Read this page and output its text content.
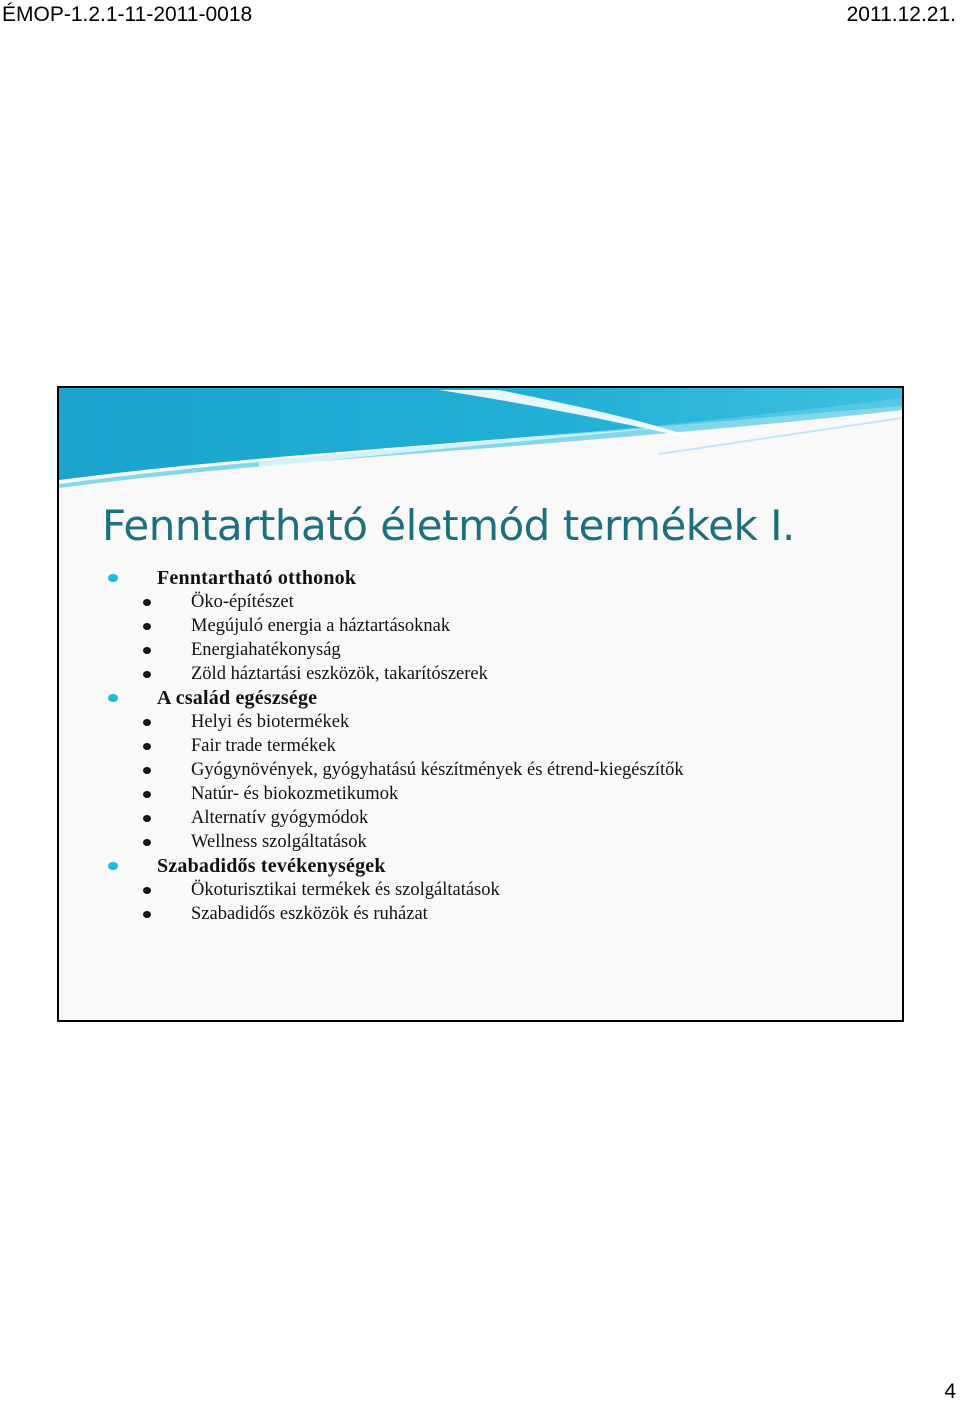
ÉMOP-1.2.1-11-2011-0018	2011.12.21.
Fenntartható életmód termékek I.
Fenntartható otthonok
Öko-építészet
Megújuló energia a háztartásoknak
Energiahatékonyság
Zöld háztartási eszközök, takarítószerek
A család egészsége
Helyi és biotermékek
Fair trade termékek
Gyógynövények, gyógyhatású készítmények és étrend-kiegészítők
Natúr- és biokozmetikumok
Alternatív gyógymódok
Wellness szolgáltatások
Szabadidős tevékenységek
Ökoturisztikai termékek és szolgáltatások
Szabadidős eszközök és ruházat
4
